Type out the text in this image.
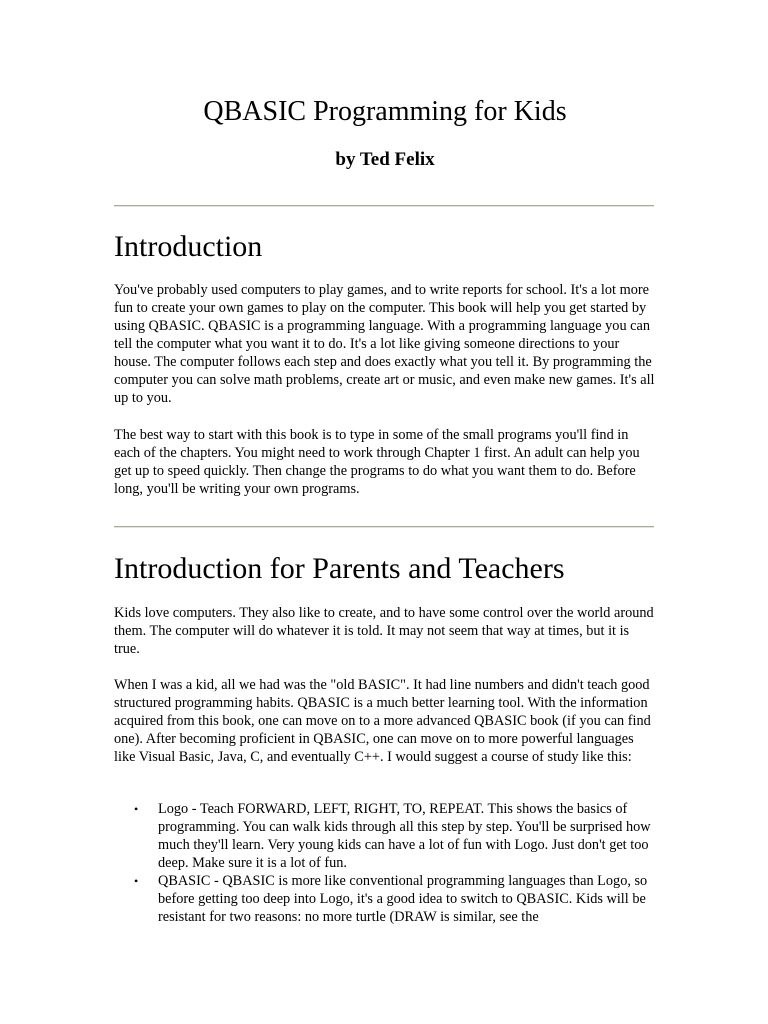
QBASIC Programming for Kids
by Ted Felix
Introduction

You've probably used computers to play games, and to write reports for school. It's a lot more fun to create your own games to play on the computer. This book will help you get started by using QBASIC. QBASIC is a programming language. With a programming language you can tell the computer what you want it to do. It's a lot like giving someone directions to your house. The computer follows each step and does exactly what you tell it. By programming the computer you can solve math problems, create art or music, and even make new games. It's all up to you.

The best way to start with this book is to type in some of the small programs you'll find in each of the chapters. You might need to work through Chapter 1 first. An adult can help you get up to speed quickly. Then change the programs to do what you want them to do. Before long, you'll be writing your own programs.

Introduction for Parents and Teachers

Kids love computers. They also like to create, and to have some control over the world around them. The computer will do whatever it is told. It may not seem that way at times, but it is true.

When I was a kid, all we had was the "old BASIC". It had line numbers and didn't teach good structured programming habits. QBASIC is a much better learning tool. With the information acquired from this book, one can move on to a more advanced QBASIC book (if you can find one). After becoming proficient in QBASIC, one can move on to more powerful languages like Visual Basic, Java, C, and eventually C++. I would suggest a course of study like this:

• Logo - Teach FORWARD, LEFT, RIGHT, TO, REPEAT. This shows the basics of programming. You can walk kids through all this step by step. You'll be surprised how much they'll learn. Very young kids can have a lot of fun with Logo. Just don't get too deep. Make sure it is a lot of fun.
• QBASIC - QBASIC is more like conventional programming languages than Logo, so before getting too deep into Logo, it's a good idea to switch to QBASIC. Kids will be resistant for two reasons: no more turtle (DRAW is similar, see the
